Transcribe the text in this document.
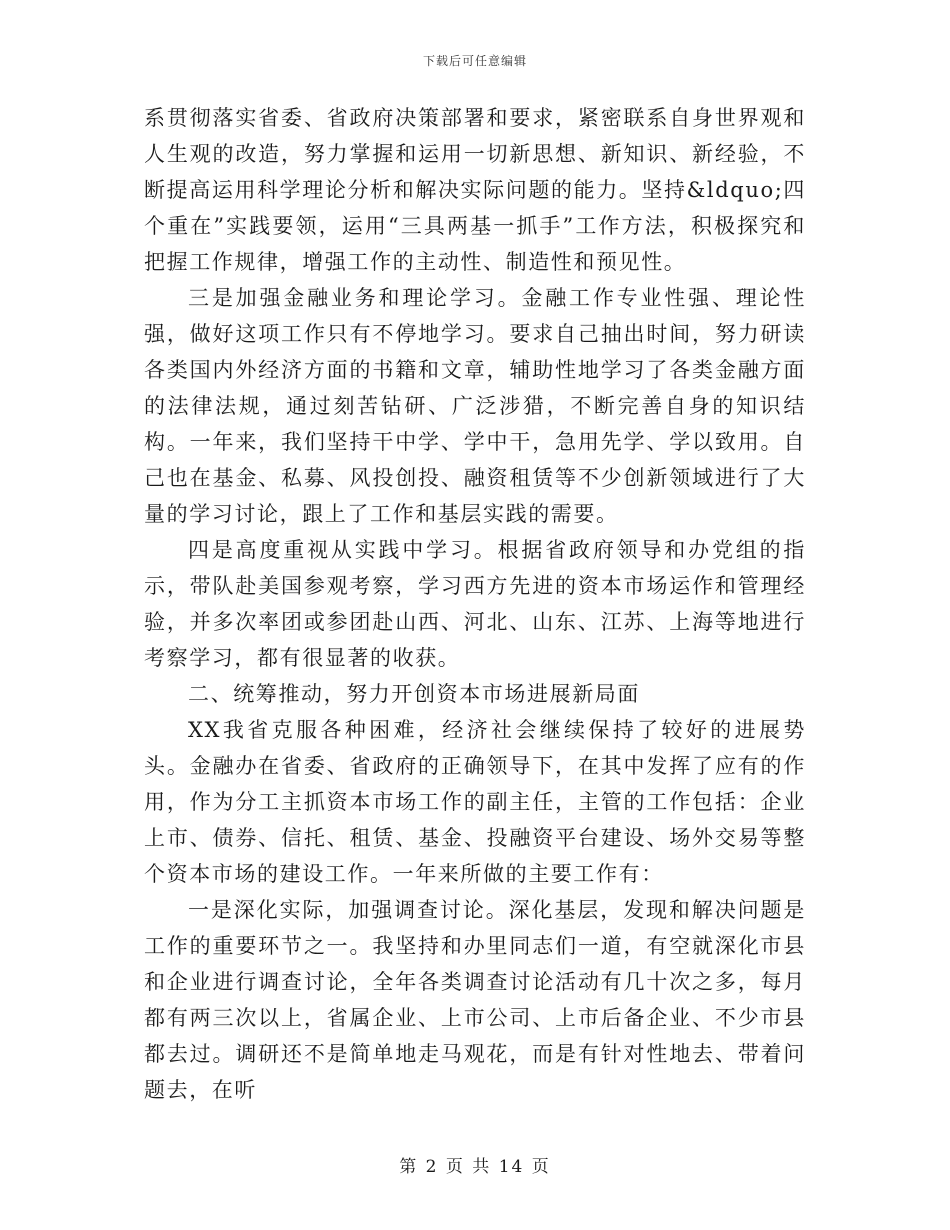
下载后可任意编辑

系贯彻落实省委、省政府决策部署和要求，紧密联系自身世界观和人生观的改造，努力掌握和运用一切新思想、新知识、新经验，不断提高运用科学理论分析和解决实际问题的能力。坚持&ldquo;四个重在”实践要领，运用“三具两基一抓手”工作方法，积极探究和把握工作规律，增强工作的主动性、制造性和预见性。

三是加强金融业务和理论学习。金融工作专业性强、理论性强，做好这项工作只有不停地学习。要求自己抽出时间，努力研读各类国内外经济方面的书籍和文章，辅助性地学习了各类金融方面的法律法规，通过刻苦钻研、广泛涉猎，不断完善自身的知识结构。一年来，我们坚持干中学、学中干，急用先学、学以致用。自己也在基金、私募、风投创投、融资租赁等不少创新领域进行了大量的学习讨论，跟上了工作和基层实践的需要。

四是高度重视从实践中学习。根据省政府领导和办党组的指示，带队赴美国参观考察，学习西方先进的资本市场运作和管理经验，并多次率团或参团赴山西、河北、山东、江苏、上海等地进行考察学习，都有很显著的收获。

二、统筹推动，努力开创资本市场进展新局面

XX我省克服各种困难，经济社会继续保持了较好的进展势头。金融办在省委、省政府的正确领导下，在其中发挥了应有的作用，作为分工主抓资本市场工作的副主任，主管的工作包括：企业上市、债券、信托、租赁、基金、投融资平台建设、场外交易等整个资本市场的建设工作。一年来所做的主要工作有：

一是深化实际，加强调查讨论。深化基层，发现和解决问题是工作的重要环节之一。我坚持和办里同志们一道，有空就深化市县和企业进行调查讨论，全年各类调查讨论活动有几十次之多，每月都有两三次以上，省属企业、上市公司、上市后备企业、不少市县都去过。调研还不是简单地走马观花，而是有针对性地去、带着问题去，在听

第 2 页 共 14 页
